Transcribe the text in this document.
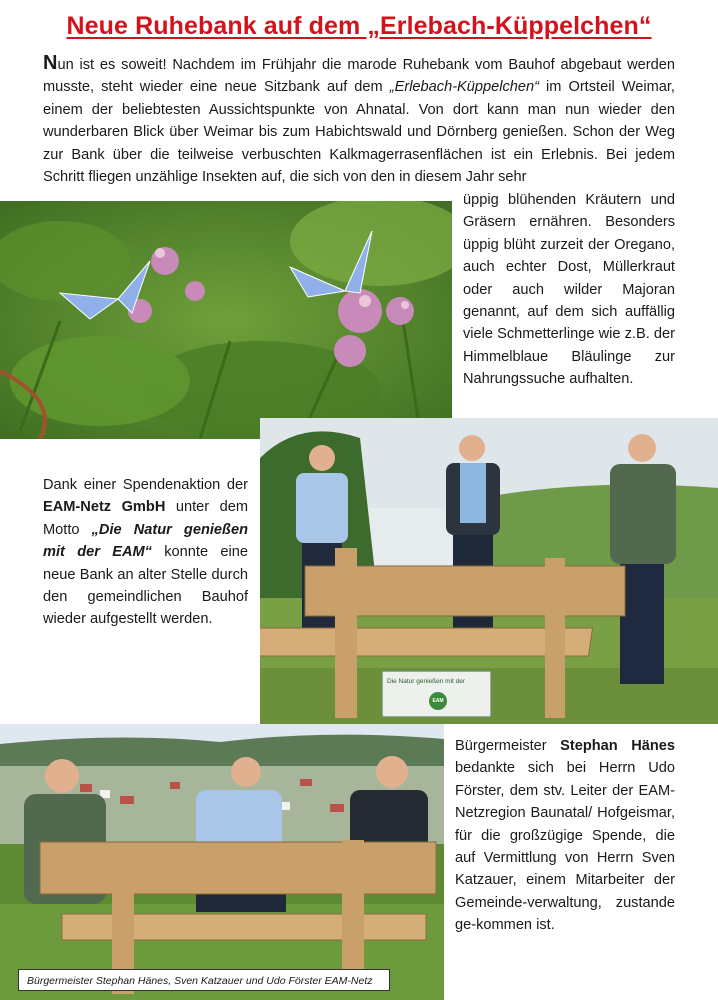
Neue Ruhebank auf dem „Erlebach-Küppelchen“
Nun ist es soweit! Nachdem im Frühjahr die marode Ruhebank vom Bauhof abgebaut werden musste, steht wieder eine neue Sitzbank auf dem „Erlebach-Küppelchen“ im Ortsteil Weimar, einem der beliebtesten Aussichtspunkte von Ahnatal. Von dort kann man nun wieder den wunderbaren Blick über Weimar bis zum Habichtswald und Dörnberg genießen. Schon der Weg zur Bank über die teilweise verbuschten Kalkmagerrasenflächen ist ein Erlebnis. Bei jedem Schritt fliegen unzählige Insekten auf, die sich von den in diesem Jahr sehr
üppig blühenden Kräutern und Gräsern ernähren. Besonders üppig blüht zurzeit der Oregano, auch echter Dost, Müllerkraut oder auch wilder Majoran genannt, auf dem sich auffällig viele Schmetterlinge wie z.B. der Himmelblaue Bläulinge zur Nahrungssuche aufhalten.
Dank einer Spendenaktion der EAM-Netz GmbH unter dem Motto „Die Natur genießen mit der EAM“ konnte eine neue Bank an alter Stelle durch den gemeindlichen Bauhof wieder aufgestellt werden.
Die Natur genießen mit der
EAM
Bürgermeister Stephan Hänes bedankte sich bei Herrn Udo Förster, dem stv. Leiter der EAM-Netzregion Baunatal/ Hofgeismar, für die großzügige Spende, die auf Vermittlung von Herrn Sven Katzauer, einem Mitarbeiter der Gemeinde-verwaltung, zustande ge-kommen ist.
Bürgermeister Stephan Hänes, Sven Katzauer und Udo Förster EAM-Netz
